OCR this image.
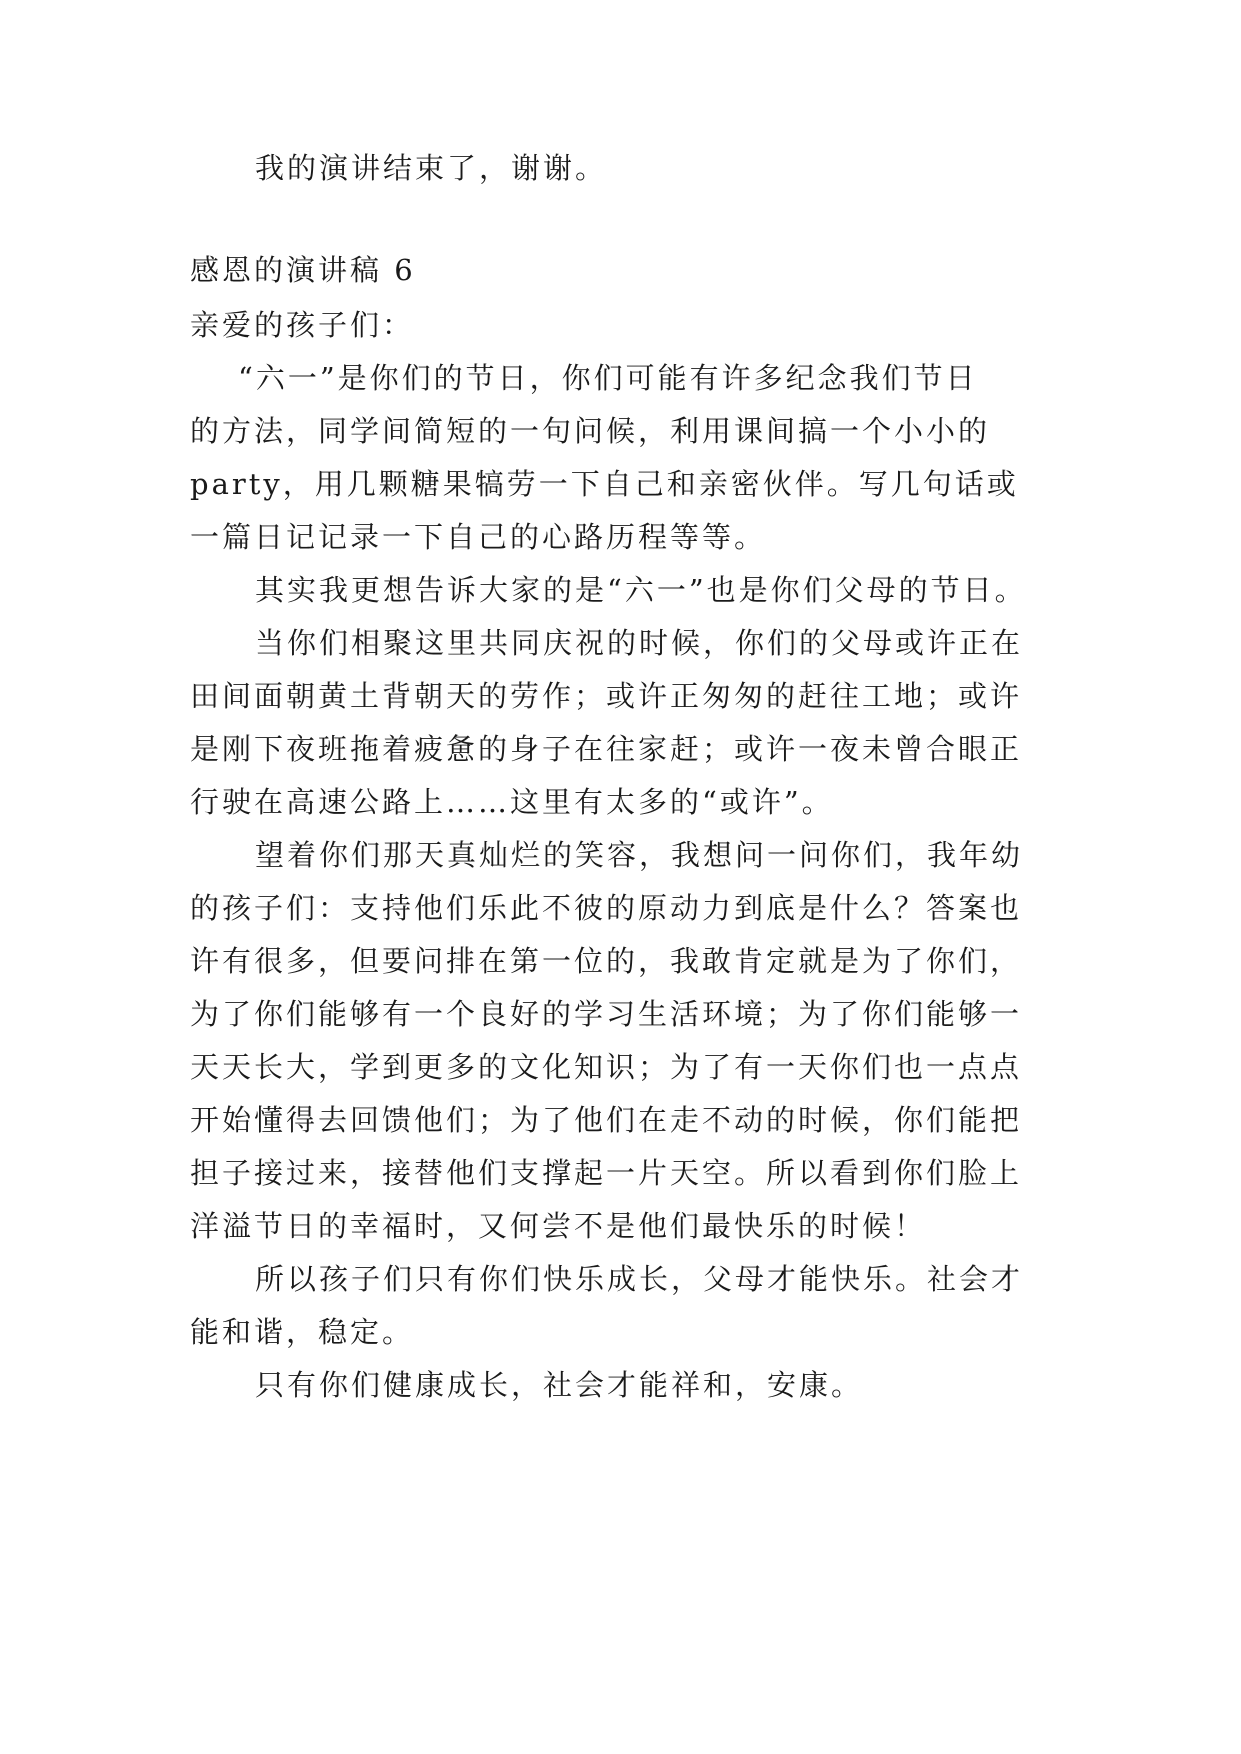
我的演讲结束了，谢谢。

感恩的演讲稿 6

亲爱的孩子们：

“六一”是你们的节日，你们可能有许多纪念我们节日

的方法，同学间简短的一句问候，利用课间搞一个小小的

party，用几颗糖果犒劳一下自己和亲密伙伴。写几句话或

一篇日记记录一下自己的心路历程等等。

其实我更想告诉大家的是“六一”也是你们父母的节日。

当你们相聚这里共同庆祝的时候，你们的父母或许正在

田间面朝黄土背朝天的劳作；或许正匆匆的赶往工地；或许

是刚下夜班拖着疲惫的身子在往家赶；或许一夜未曾合眼正

行驶在高速公路上……这里有太多的“或许”。

望着你们那天真灿烂的笑容，我想问一问你们，我年幼

的孩子们：支持他们乐此不彼的原动力到底是什么？答案也

许有很多，但要问排在第一位的，我敢肯定就是为了你们，

为了你们能够有一个良好的学习生活环境；为了你们能够一

天天长大，学到更多的文化知识；为了有一天你们也一点点

开始懂得去回馈他们；为了他们在走不动的时候，你们能把

担子接过来，接替他们支撑起一片天空。所以看到你们脸上

洋溢节日的幸福时，又何尝不是他们最快乐的时候！

所以孩子们只有你们快乐成长，父母才能快乐。社会才

能和谐，稳定。

只有你们健康成长，社会才能祥和，安康。
